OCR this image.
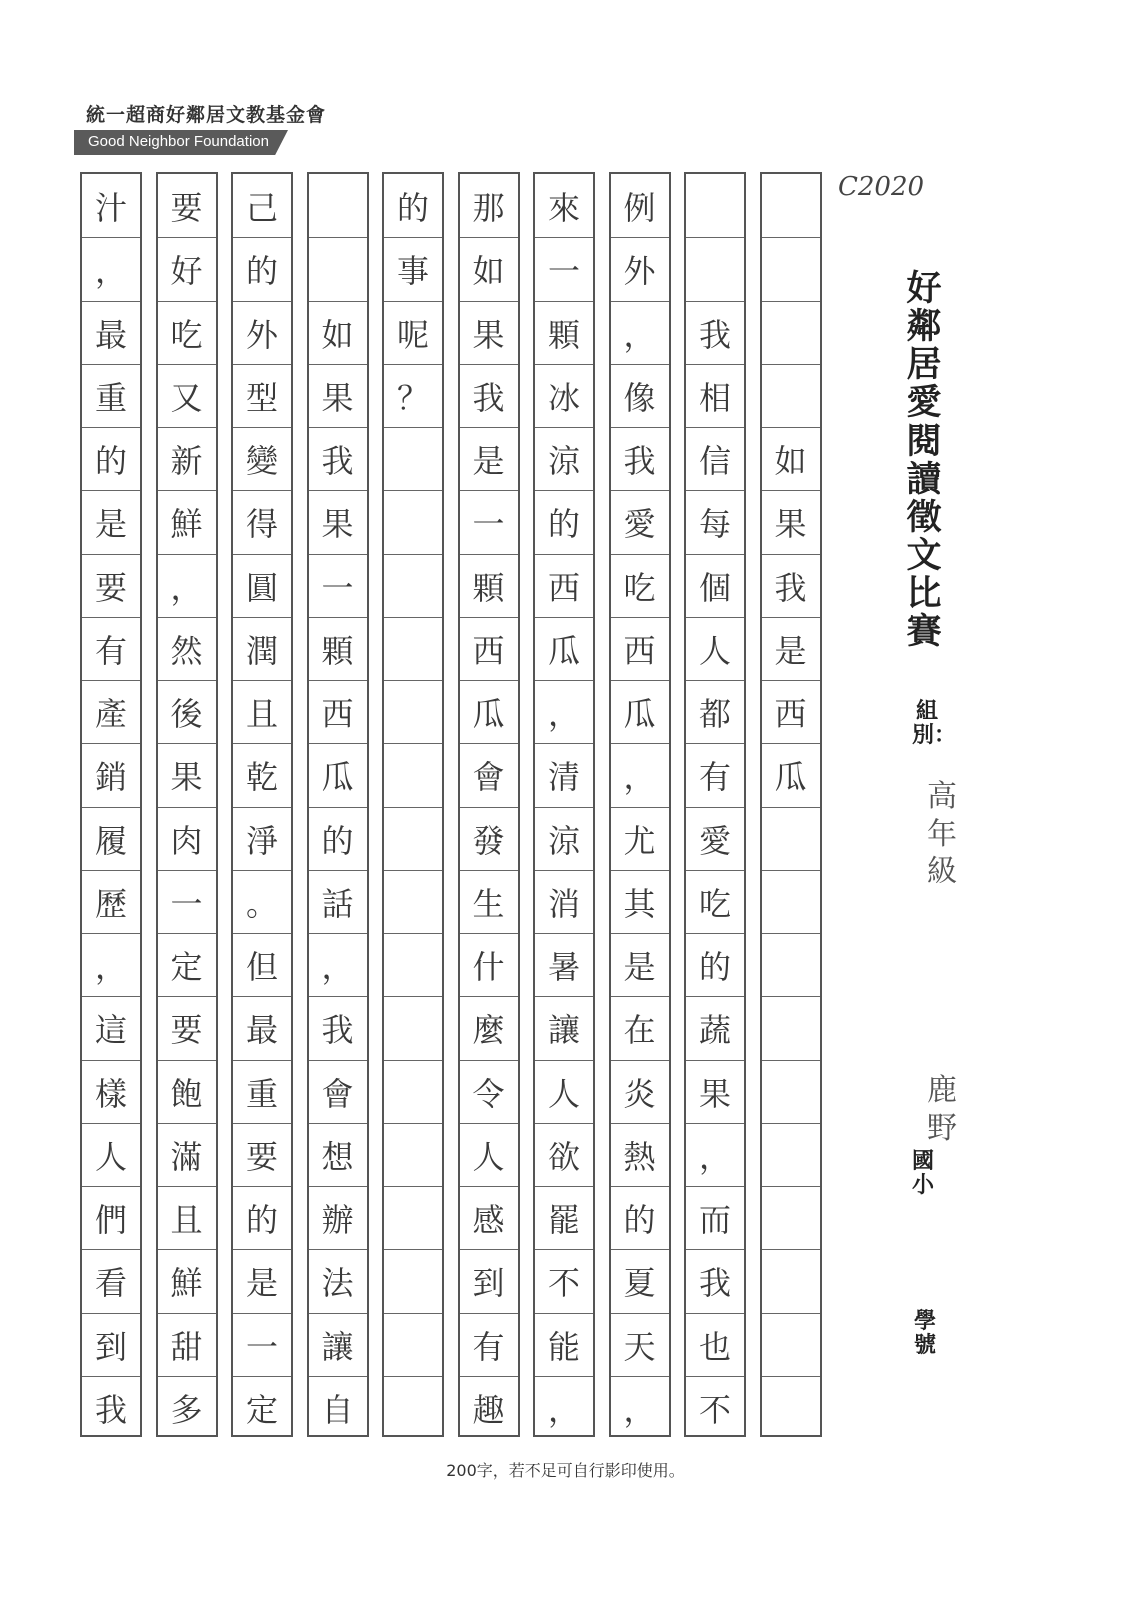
統一超商好鄰居文教基金會
Good Neighbor Foundation
C2020
如
果
我
是
西
瓜
我
相
信
每
個
人
都
有
愛
吃
的
蔬
果
，
而
我
也
不
例
外
，
像
我
愛
吃
西
瓜
，
尤
其
是
在
炎
熱
的
夏
天
，
來
一
顆
冰
涼
的
西
瓜
，
清
涼
消
暑
讓
人
欲
罷
不
能
，
那
如
果
我
是
一
顆
西
瓜
會
發
生
什
麼
令
人
感
到
有
趣
的
事
呢
？
如
果
我
果
一
顆
西
瓜
的
話
，
我
會
想
辦
法
讓
自
己
的
外
型
變
得
圓
潤
且
乾
淨
。
但
最
重
要
的
是
一
定
要
好
吃
又
新
鮮
，
然
後
果
肉
一
定
要
飽
滿
且
鮮
甜
多
汁
，
最
重
的
是
要
有
產
銷
履
歷
，
這
樣
人
們
看
到
我
好鄰居愛閱讀徵文比賽
組別：
高年級
鹿野
國小
學號
200字，若不足可自行影印使用。
